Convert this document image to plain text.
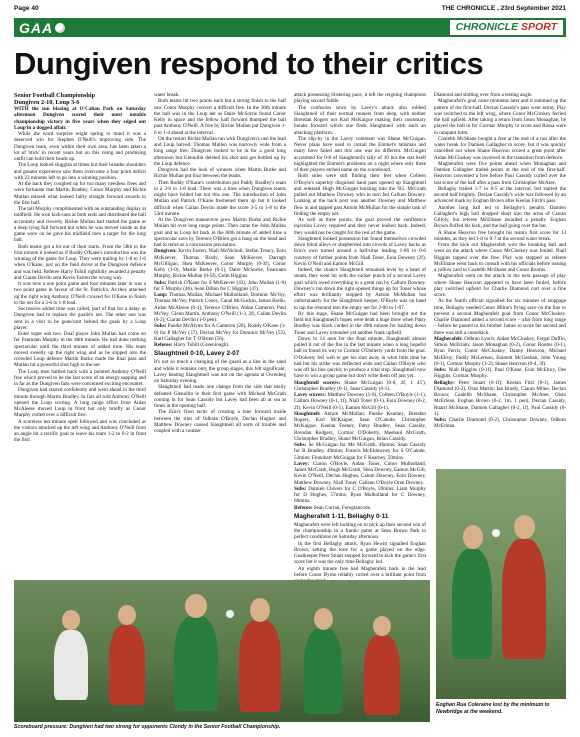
Page 40	THE CHRONICLE , 23rd September 2021
GAA	CHRONICLE SPORT
Dungiven respond to their critics

Senior Football Championship

Dungiven 2-10, Loup 3-6

WITH the sun blazing at O'Cahan Park on Saturday afternoon Dungiven scored their most notable championship victory in five years when they edged out Loup in a dogged affair.

While the word surprise might spring to mind it was a deserved win for Stephen O'Neill's improving side. The Dungiven team, even within their own area, has been taken a lot of 'stick' in recent years but on this rising and promising outfit can hold their heads up.

The Loup looked sluggish at times but their broader shoulders and greater experience saw them overcome a four point deficit with 23 minutes left to go into a winning position.

At the back they coughed up for too many needless frees and were fortunate that Martin Bradley, Conor Murphy and Richie Mullan missed what looked fairly straight forward awards in the first half.

The tall Murphy complimented with an outstanding display at midfield. He won kick-outs at both ends and distributed the ball accurately and cleverly. Richie Mullan had started the game as a deep lying full forward but when he was moved inside as the game wore on he gave his midfield men a target for the long ball.

Both teams got a lot out of their starts. From the 58th to the 61st minute it looked as if Roddy O'Kane's introduction was the winning of the game for Loup. They were trailing by 1-8 to 1-6 when O'Kane, just on the field drove at the Dungiven defence and was held. Referee Harry Tohill rightfully awarded a penalty and Ciaran Devlin sent Kevin Farren the wrong way.

It was now a one point game and four minutes later in was a two point game in favour of the St. Patrick's. As they attacked up the right wing Anthony O'Neill crossed for O'Kane to finish to the net for a 3-6 to 1-8 lead.

Successive added time was called, part of that for a delay as Dungiven had to replace the goalie's net. The other one was sent in a visit to be gone/cant behind the goals by a Loup player.

Enter super sub two. Dual player John Mullan had come on for Fearnann Murphy in the 46th minute. He had done nothing spectacular until the third minute of added time. His team moved sweetly up the right wing and as he slipped into the crowded Loup defence Martin Burke made the final pass and Mullan hit a powerful shot high to the net.

The Loup men battled back with a pointed Anthony O'Neill free which proved to be the last score of an energy sapping and in far as the Dungiven fans were concerned exciting encounter.

Dungiven had started confidently and went ahead in the third minute through Martin Bradley. In fact all told Anthony O'Neill opened the Loup scoring. A long range effort from Aidan McAleese moved Loup in front but only briefly as Conor Murphy curled over a difficult free.

A scoreless ten minute spell followed and was concluded as the visitors attacked up the left wing and Anthony O'Neill from an angle hit a terrific goal to leave his team 1-2 to 0-2 in front the first

water break.

Both teams hit two points each but a strong finish to the half saw Conor Murphy convert a difficult free. In the 30th minute the ball was in the Loup net as Daire McSorrie found Conor Kelly in space and the fellow half forward thumped the ball past Anthony O'Neill. A free by Richie Mullan put Dungiven 1-6 to 1-4 ahead at the interval.

On the restart Richie Mullan ran with Dungiven's one the lead and Loup halved. Thomas Mullen was narrowly wide from a long range free. Dungiven looked to be in for a good long afternoon but Glenullin deleted his shot and got bottled up by the Loup defence.

Dungiven had the look of winners when Martin Burke and Richie Mullan put four between the teams.

Then Roddy O'Kane's contribution put Paddy Bradley's team in a 3-6 to 1-8 lead. There was a time when Dungiven teams might have folded but not this one. The introduction of John Mullan and Patrick O'Kane freshened them up but it looked difficult when Cailan Devlin made the score 3-5 to 1-8 in the 53rd minute.

At the Dungiven manoeuvre grew Martin Burke and Richie Mullan hit over long range points. Then came the John Mullan goal and as Loup hit back in the 60th minute of added time a spectacular save by Terence O'Brien got a bang on the head and had to retire as a concussion precaution.

Dungiven: Kevin Farren, Niall McNicholl, Stefan Treacy, Eoin McKeever, Thomas Brady, Sean McKeever, Darragh McGilligan, Shea McKeever, Conor Murphy (0-3f), Conor Kelly (1-0), Martin Burke (0-1), Daire McSorrie, Fearnann Murphy, Richie Mullan (0-5f), Colm Higgins.

Subs: Patrick O'Kane for S McKeever (43), John Mullan (1-0) for F Murphy (46), Sean Dillon for C Higgins (47).

Loup: Thomas Mullan, Michael Mulholland, Dominic McVey, Thomas McVey, Patrick Coney, Canal McGuckin, James Bodin, Aidan McAleese (0-1), Terence O'Brien, Aidan Cameron, Paul McVey, Glenn Martin, Anthony O'Neill (1-3, 2f), Cailan Devlin (0-2), Ciaran Devlin (1-0 pen).

Subs: Paudie McAlynn for A Cameron (26), Roddy O'Kane (1-0) for P McVey (37), Declan McVey for Dominic McVey (53), Karl Gallagher for T O'Brien (56).

Referee: Harry Tohill (Greenlough).

Slaughtneil 0-10, Lavey 2-07

It's not so much a changing of the guard as a line in the sand and while it remains only the group stages, this felt significant, Lavey beating Slaughtneil was not on the agenda at Owenbeg on Saturday evening.

Slaughtneil had made one change from the side that easily defeated Glenullin in their first game with Micheal McGrath coming in for Sean Cassidy but Lavey had been all at sea at times in the opening half.

The Erin's Own tactic of creating a lone forward inside between the tries of Odhran O'Boyle, Declan Hughes and Matthew Downey caused Slaughtneil all sorts of trouble and coupled with a counter

attack possessing blistering pace, it left the reigning champions playing second fiddle.

The confusion sown by Lavey's attack also robbed Slaughtneil of their normal runners from deep, with neither Brendan Rogers nor Karl McKaigue making their customary breaks forward which one finds Slaughtneil with each an attacking platform.

The slip-by in the Lavey comment was Shane McGuigan. Never plans have used to curtail the Emmet's talisman and many have failed and this one was no different. McGuigan accounted for 0-8 of Slaughtneil's tally of 10 but the stat itself highlighted the Emmet's problems on a night where only three of their players etched name on the scoreboard.

Both sides were still finding their feet when Colleen O'Boyle's superbly disguised hand pass opened up Slaughtneil and released Hugh McGuigan bursting into the 'B5. McGrath pulled out Matthew Downey who in turn fed Callum Downey. Lurking at the back post was another Downey and Matthew flew in and tapped past Antoin McMullan for the simple task of finding the empty net.

As well as three points, the goal proved the confidence injection Lavey required and they never looked back. Indeed, they would not be caught for the rest of the game.

Slaughtneil looked possession but found themselves crowded down blind alleys or shepherded into crowds of Lavey backs as Erin's own turned around a half-time leading 1-06 to 0-6 courtesy of further points from Niall Toner, Eoin Downey (2f), Kevin O'Neill and Eamon McGill.

Indeed, the chance Slaughtneil remained level by a head of steam, they went hit with the sucker punch of a second Lavey goal which owed everything to a great run by Callum Downey. Downey's run down the right opened things up for Toner whose effort was brilliantly stopped by Antoin McMullan but unfortunately for the Slaughtneil keeper, O'Boyle was on hand to tap the rebound into the empty net for 2-06 to 1-07.

By this stage, Shane McGuigan had been brought out the field but Slaughtneil's hopes were dealt a huge blow when Patsy Bradley was black carded in the 49th minute for hauling down Toner and Lavey extended yet another frank upfield.

Down to 14 men for the final minute, Slaughtneil almost pulled it out of the fire in the last minute when a long hopeful ball in found its way to Cormac O'Doherty yards from the goal. O'Doherty fell well to get his shot away in what little time he had but his strike was deflected wide and Cailan O'Boyle who was off his line quickly to produce a vital stop. Slaughtneil now have to win a group game but don't write them off just yet.

Slaughtneil scorers: Shane McGuigan (0-8, 2f, 1 45'), Christopher Bradley (0-1), Sean Cassidy (0-1).

Lavey scorers: Matthew Downey (1-0), Colleen O'Boyle (1-1), Callum Downey (0-1, 1f), Niall Toner (0-1), Eoin Downey (0-2, 2f), Kevin O'Neill (0-1), Eamon McGill (0-1).

Slaughtneil: Antoin McMullan; Paudie Kearney, Brendan Rogers, Karl McKaigue; Sean O'Cainde, Christopher McKaigue, Keelan Feeney, Patsy Bradley, Sean Cassidy, Brendan Rodgers, Cormac O'Doherty, Meehaul McGrath, Christopher Bradley, Shane McGuigan, Brian Cassidy.

Subs: Se McGuigan for Me McGrath, 46mins; Sean Cassidy for B Bradley, 49mins; Francis McEldowney for S O'Cainde, 53mins; Fionnbarr McGuigan for F Kearney, 59mins.

Lavey: Ciaron O'Boyle, Aidan Toner, Conor Mulholland, James McGrath, Hugh McGrath, Shea Downey, Eamon McGill, Kevin O'Neill, Declan Hughes, Calum Downey, Eoin Downey, Matthew Downey, Niall Toner, Cailean O'Boyle Oran Downey.

Subs: Damien Chivers for C O'Boyle, 59mins; Liam Murphy for D Hughes, 57mins; Ryan Mulholland for C Downey, 60mins.

Referee: Sean Curran, Foreglancode.

Magherafelt 1-11, Bellaghy 0-11

Magherafelt were left holding on to pick up their second win of the championship in a frantic game at Sean Brown Park in perfect conditions on Saturday afternoon.

In the first Bellaghy attack, Ryan Hewitt signalled Eoghan Brown, setting the tone for a game played on the edge. Goalkeeper Peter Stuart stepped forward to kick the game's first score but it was the only time Bellaghy led.

An eighth minute free had Magherafelt back in the lead before Conor Byrne reliably curled over a brilliant point from

Diamond and slotting over from a testing angle.

Magherafelt's goal came moments later and it summed up the pattern of the first-half. Declan Cassidy's pass went astray. Play was switched to the left wing, where Conor McCloskey ferried the ball upfield. After taking a return from Jason Monaghan, he played the ball in for Cormac Murphy to score and Rossa were in rampant form.

Coalelth McShane bought a free at the end of a run after the water break for Damien Gallagher to score, but it was quickly cancelled out when Shane Heavron scored a great point after Aidan McCluskey was involved in the transition from defence.

Magherafelt were five points ahead when Monaghan and Damien Gallagher traded points at the end of the first-half. Heavron converted a free before Paul Cassidy curled over the last score of the half after a pass from Christopher McAtee.

Bellaghy trailed 1-7 to 0-5 at the interval, but started the second half brightly. Declan Cassidy's wide was followed by an advanced mark by Eoghan Brown after Keelan Fitch's pass.

Another long ball led to Bellaghy's penalty. Damien Gallagher's high ball dropped short into the arms of Ciaran Gilloly, but referee McElhane awarded a penalty. Eoghan Brown fluffed his kick, and the ball going over the bar.

A Shane Heavron free brought his team's first score for 13 minutes, as they led 1-8 to 0-7 at the second water break.

From the kick out Magherafelt won the breaking ball and went on the attack where Conor McCluskey was fouled. Niall Higgins tapped over the free. Play was stopped as referee McElhane went back to consult with his officials before issuing a yellow card to Coalelth McShane and Conor Rooms.

Magherafelt went on the attack in the next passage of play where Shane Heavron appeared to have been fouled, before play switched upfield for Charlie Diamond curl over a fine score.

As the fourth official signalled for six minutes of stoppage time, Bellaghy needed Conor Milne's flying save on the line to prevent a second Magherafelt goal from Conor McCluskey. Charlie Diamond added a second score – also from long range – before he passed to his brother James to score his second and there was still a comeback.

Magherafelt: Odhran Lynch; Aidan McCluskey, Fergal Duffin, Simon McErlain; Jason Monaghan (0-2), Conor Rooms (0-1), Ryan Ferris, Conor McCluskey, Danny Heavron, Michael McElroy; Paddy McLernon, Emmett McGeehan, John Young (0-1), Cormac Murphy (1-2), Shane Heavron (0-4, 3f).

Subs: Niall Higgins (0-1f), Paul O'Kane, Eoin McElroy, Des Higgins, Cormac Murphy.

Bellaghy: Peter Stuart (0-1f); Keelan Fitzl (0-1), James Diamond (0-2), Oran Martin; Ian Bradly, Ciaran Milne, Declan Brown; Coalelth McShane, Christopher McAtee, Oisin McErlean, Eoghan Brown (0-2, 1m, 1 pen), Declan Cassidy, Ruarri McShane, Damien Gallagher (0-2, 1f), Paul Cassidy (0-1).

Subs: Charlie Diamond (0-2), Christopher Downey, Odhran McErlean.

Scoreboard pressure: Dungiven had two strong for opponents Clondy in the Senior Football Championship.

Eoghan Rua Coleraine lost by the minimum to Newbridge at the weekend.
